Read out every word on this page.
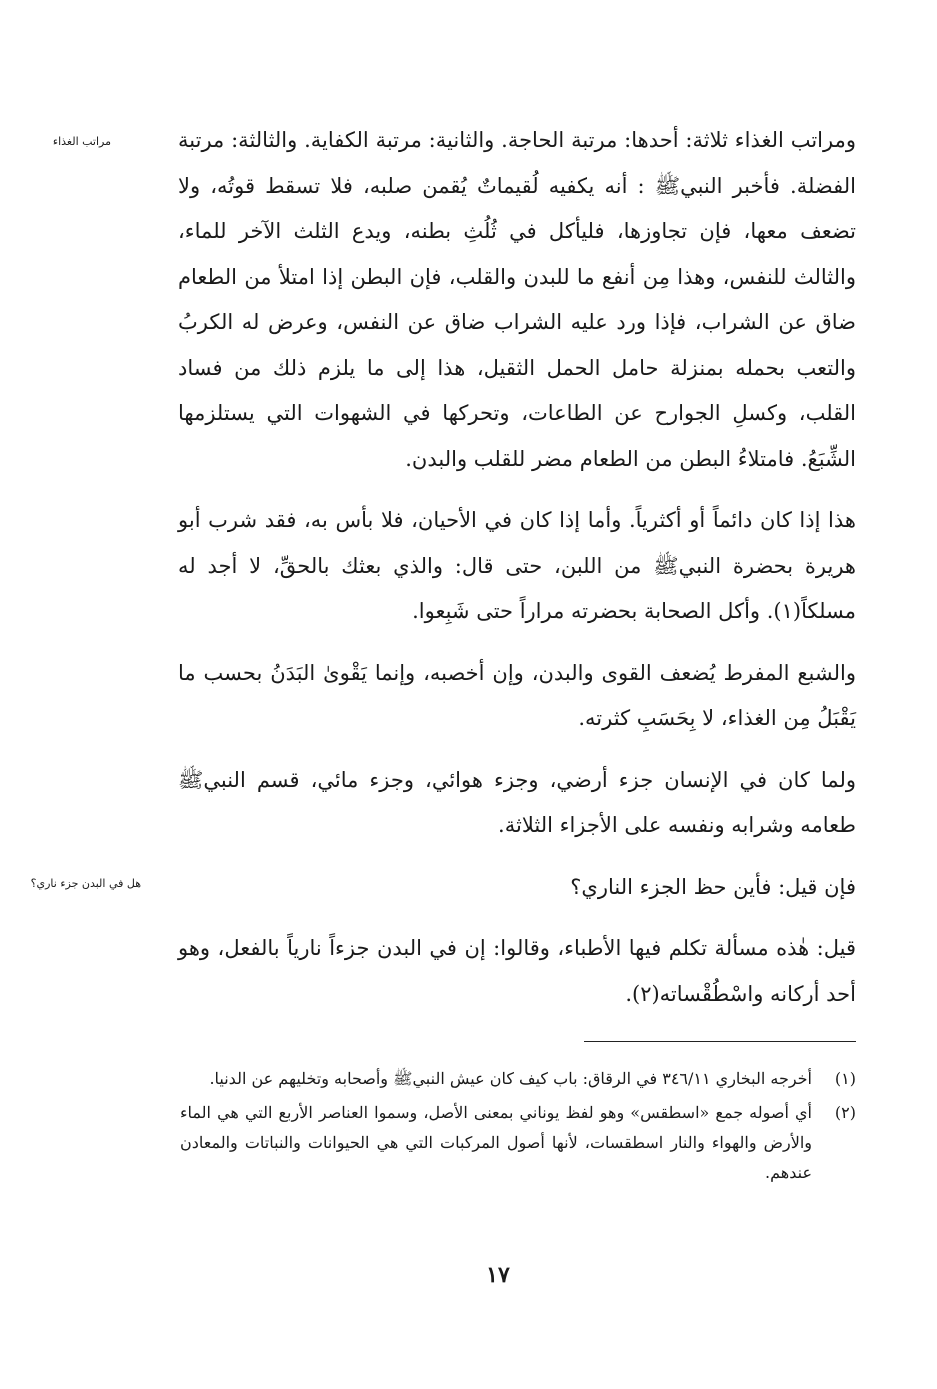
مراتب الغذاء
هل في البدن جزء ناري؟

ومراتب الغذاء ثلاثة: أحدها: مرتبة الحاجة. والثانية: مرتبة الكفاية. والثالثة: مرتبة الفضلة. فأخبر النبيﷺ : أنه يكفيه لُقيماتٌ يُقمن صلبه، فلا تسقط قوتُه، ولا تضعف معها، فإن تجاوزها، فليأكل في ثُلُثِ بطنه، ويدع الثلث الآخر للماء، والثالث للنفس، وهذا مِن أنفع ما للبدن والقلب، فإن البطن إذا امتلأ من الطعام ضاق عن الشراب، فإذا ورد عليه الشراب ضاق عن النفس، وعرض له الكربُ والتعب بحمله بمنزلة حامل الحمل الثقيل، هذا إلى ما يلزم ذلك من فساد القلب، وكسلِ الجوارح عن الطاعات، وتحركها في الشهوات التي يستلزمها الشِّبَعُ. فامتلاءُ البطن من الطعام مضر للقلب والبدن.

هذا إذا كان دائماً أو أكثرياً. وأما إذا كان في الأحيان، فلا بأس به، فقد شرب أبو هريرة بحضرة النبيﷺ من اللبن، حتى قال: والذي بعثك بالحقِّ، لا أجد له مسلكاً(١). وأكل الصحابة بحضرته مراراً حتى شَبِعوا.

والشبع المفرط يُضعف القوى والبدن، وإن أخصبه، وإنما يَقْوىٰ البَدَنُ بحسب ما يَقْبَلُ مِن الغذاء، لا بِحَسَبِ كثرته.

ولما كان في الإنسان جزء أرضي، وجزء هوائي، وجزء مائي، قسم النبيﷺ طعامه وشرابه ونفسه على الأجزاء الثلاثة.

فإن قيل: فأين حظ الجزء الناري؟

قيل: هٰذه مسألة تكلم فيها الأطباء، وقالوا: إن في البدن جزءاً نارياً بالفعل، وهو أحد أركانه واسْطُقْساته(٢).

(١)
أخرجه البخاري ٣٤٦/١١ في الرقاق: باب كيف كان عيش النبيﷺ وأصحابه وتخليهم عن الدنيا.
(٢)
أي أصوله جمع «اسطقس» وهو لفظ يوناني بمعنى الأصل، وسموا العناصر الأربع التي هي الماء والأرض والهواء والنار اسطقسات، لأنها أصول المركبات التي هي الحيوانات والنباتات والمعادن عندهم.
١٧
